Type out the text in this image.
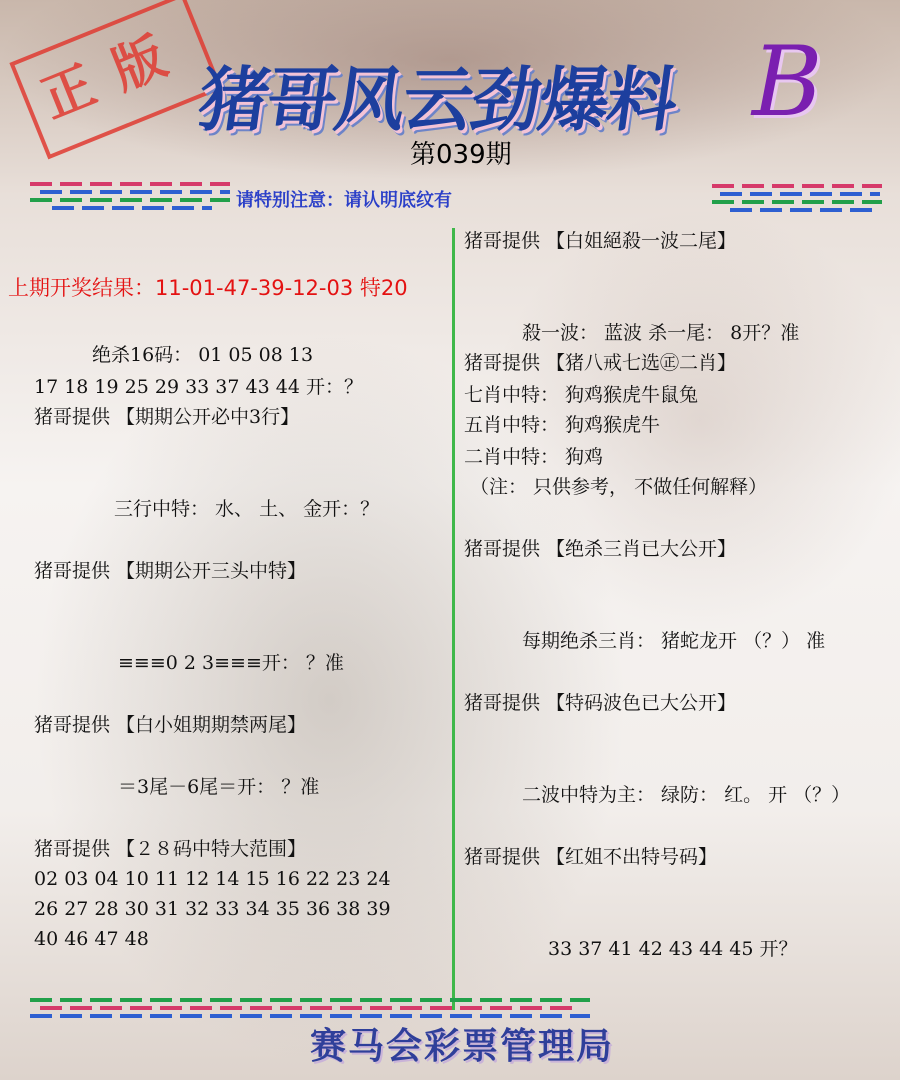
正版
猪哥风云劲爆料 B
第039期
请特别注意：请认明底纹有
上期开奖结果：11-01-47-39-12-03 特20
绝杀16码： 01 05 08 13
17 18 19 25 29 33 37 43 44 开：？
猪哥提供 【期期公开必中3行】
三行中特： 水、 土、 金开：？
猪哥提供 【期期公开三头中特】
≡≡≡0 2 3≡≡≡开： ？准
猪哥提供 【白小姐期期禁两尾】
＝3尾－6尾＝开： ？准
猪哥提供 【２８码中特大范围】
02 03 04 10 11 12 14 15 16 22 23 24
26 27 28 30 31 32 33 34 35 36 38 39
40 46 47 48
猪哥提供 【白姐絕殺一波二尾】
殺一波： 蓝波 杀一尾： 8开？准
猪哥提供 【猪八戒七选㊣二肖】
七肖中特： 狗鸡猴虎牛鼠兔
五肖中特： 狗鸡猴虎牛
二肖中特： 狗鸡
（注： 只供参考， 不做任何解释）
猪哥提供 【绝杀三肖已大公开】
每期绝杀三肖： 猪蛇龙开 （？） 准
猪哥提供 【特码波色已大公开】
二波中特为主： 绿防： 红。 开 （？）
猪哥提供 【红姐不出特号码】
33 37 41 42 43 44 45 开？
赛马会彩票管理局
